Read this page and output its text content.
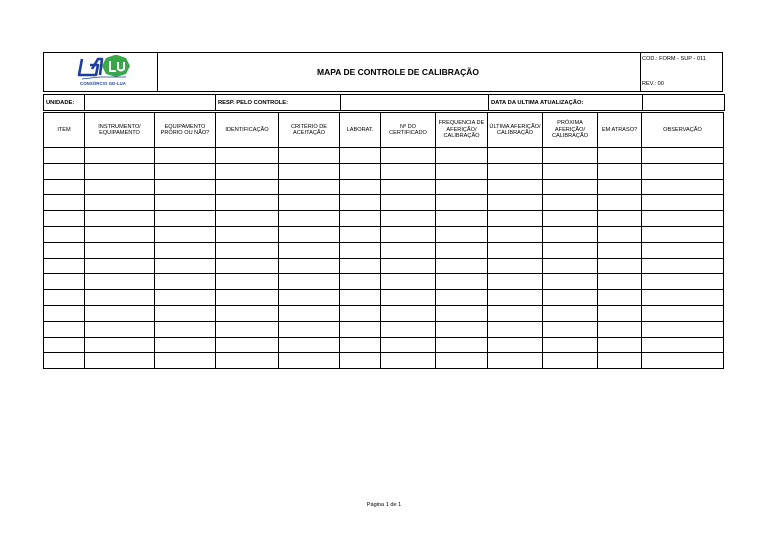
CONSÓRCIO GD-LUA
MAPA DE CONTROLE DE CALIBRAÇÃO
COD.: FORM - SUP - 011
REV.: 00
UNIDADE:		RESP. PELO CONTROLE:		DATA DA ULTIMA ATUALIZAÇÃO:	
ITEM	INSTRUMENTO/ EQUIPAMENTO	EQUIPAMENTO PRÓRIO OU NÃO?	IDENTIFICAÇÃO	CRITÉRIO DE ACEITAÇÃO	LABORAT.	Nº DO CERTIFICADO	FREQUENCIA DE AFERIÇÃO/ CALIBRAÇÃO	ÚLTIMA AFERIÇÃO/ CALIBRAÇÃO	PRÓXIMA AFERIÇÃO/ CALIBRAÇÃO	EM ATRASO?	OBSERVAÇÃO

Página 1 de 1
